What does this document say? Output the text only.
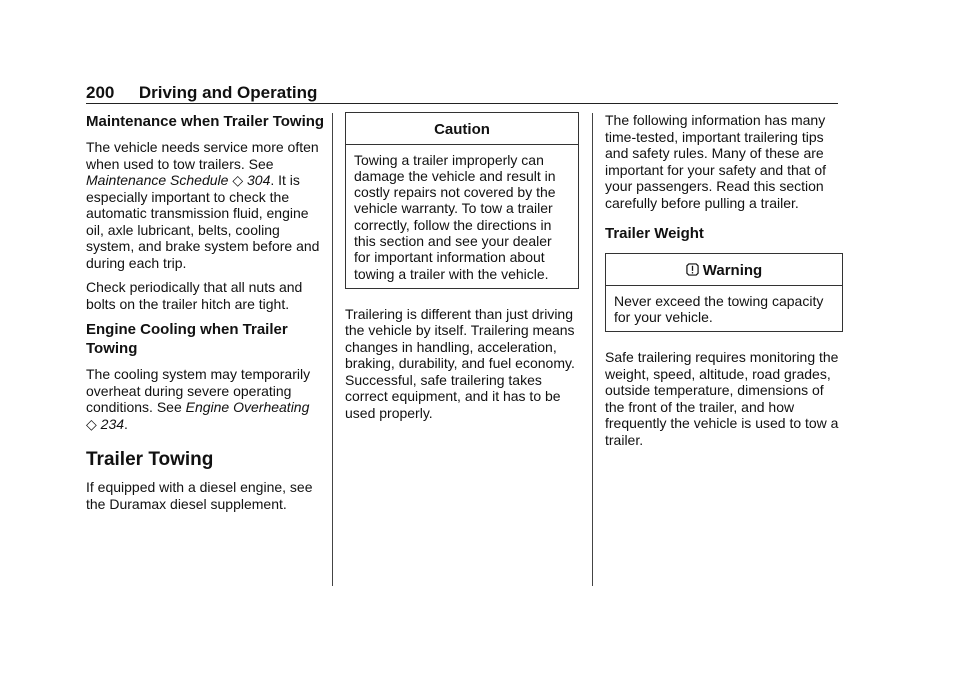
200 Driving and Operating
Maintenance when Trailer Towing

The vehicle needs service more often when used to tow trailers. See Maintenance Schedule ◇ 304. It is especially important to check the automatic transmission fluid, engine oil, axle lubricant, belts, cooling system, and brake system before and during each trip.

Check periodically that all nuts and bolts on the trailer hitch are tight.

Engine Cooling when Trailer Towing

The cooling system may temporarily overheat during severe operating conditions. See Engine Overheating
◇ 234.

Trailer Towing

If equipped with a diesel engine, see the Duramax diesel supplement.

Caution
Towing a trailer improperly can damage the vehicle and result in costly repairs not covered by the vehicle warranty. To tow a trailer correctly, follow the directions in this section and see your dealer for important information about towing a trailer with the vehicle.

Trailering is different than just driving the vehicle by itself. Trailering means changes in handling, acceleration, braking, durability, and fuel economy. Successful, safe trailering takes correct equipment, and it has to be used properly.

The following information has many time-tested, important trailering tips and safety rules. Many of these are important for your safety and that of your passengers. Read this section carefully before pulling a trailer.

Trailer Weight
Warning
Never exceed the towing capacity for your vehicle.

Safe trailering requires monitoring the weight, speed, altitude, road grades, outside temperature, dimensions of the front of the trailer, and how frequently the vehicle is used to tow a trailer.
